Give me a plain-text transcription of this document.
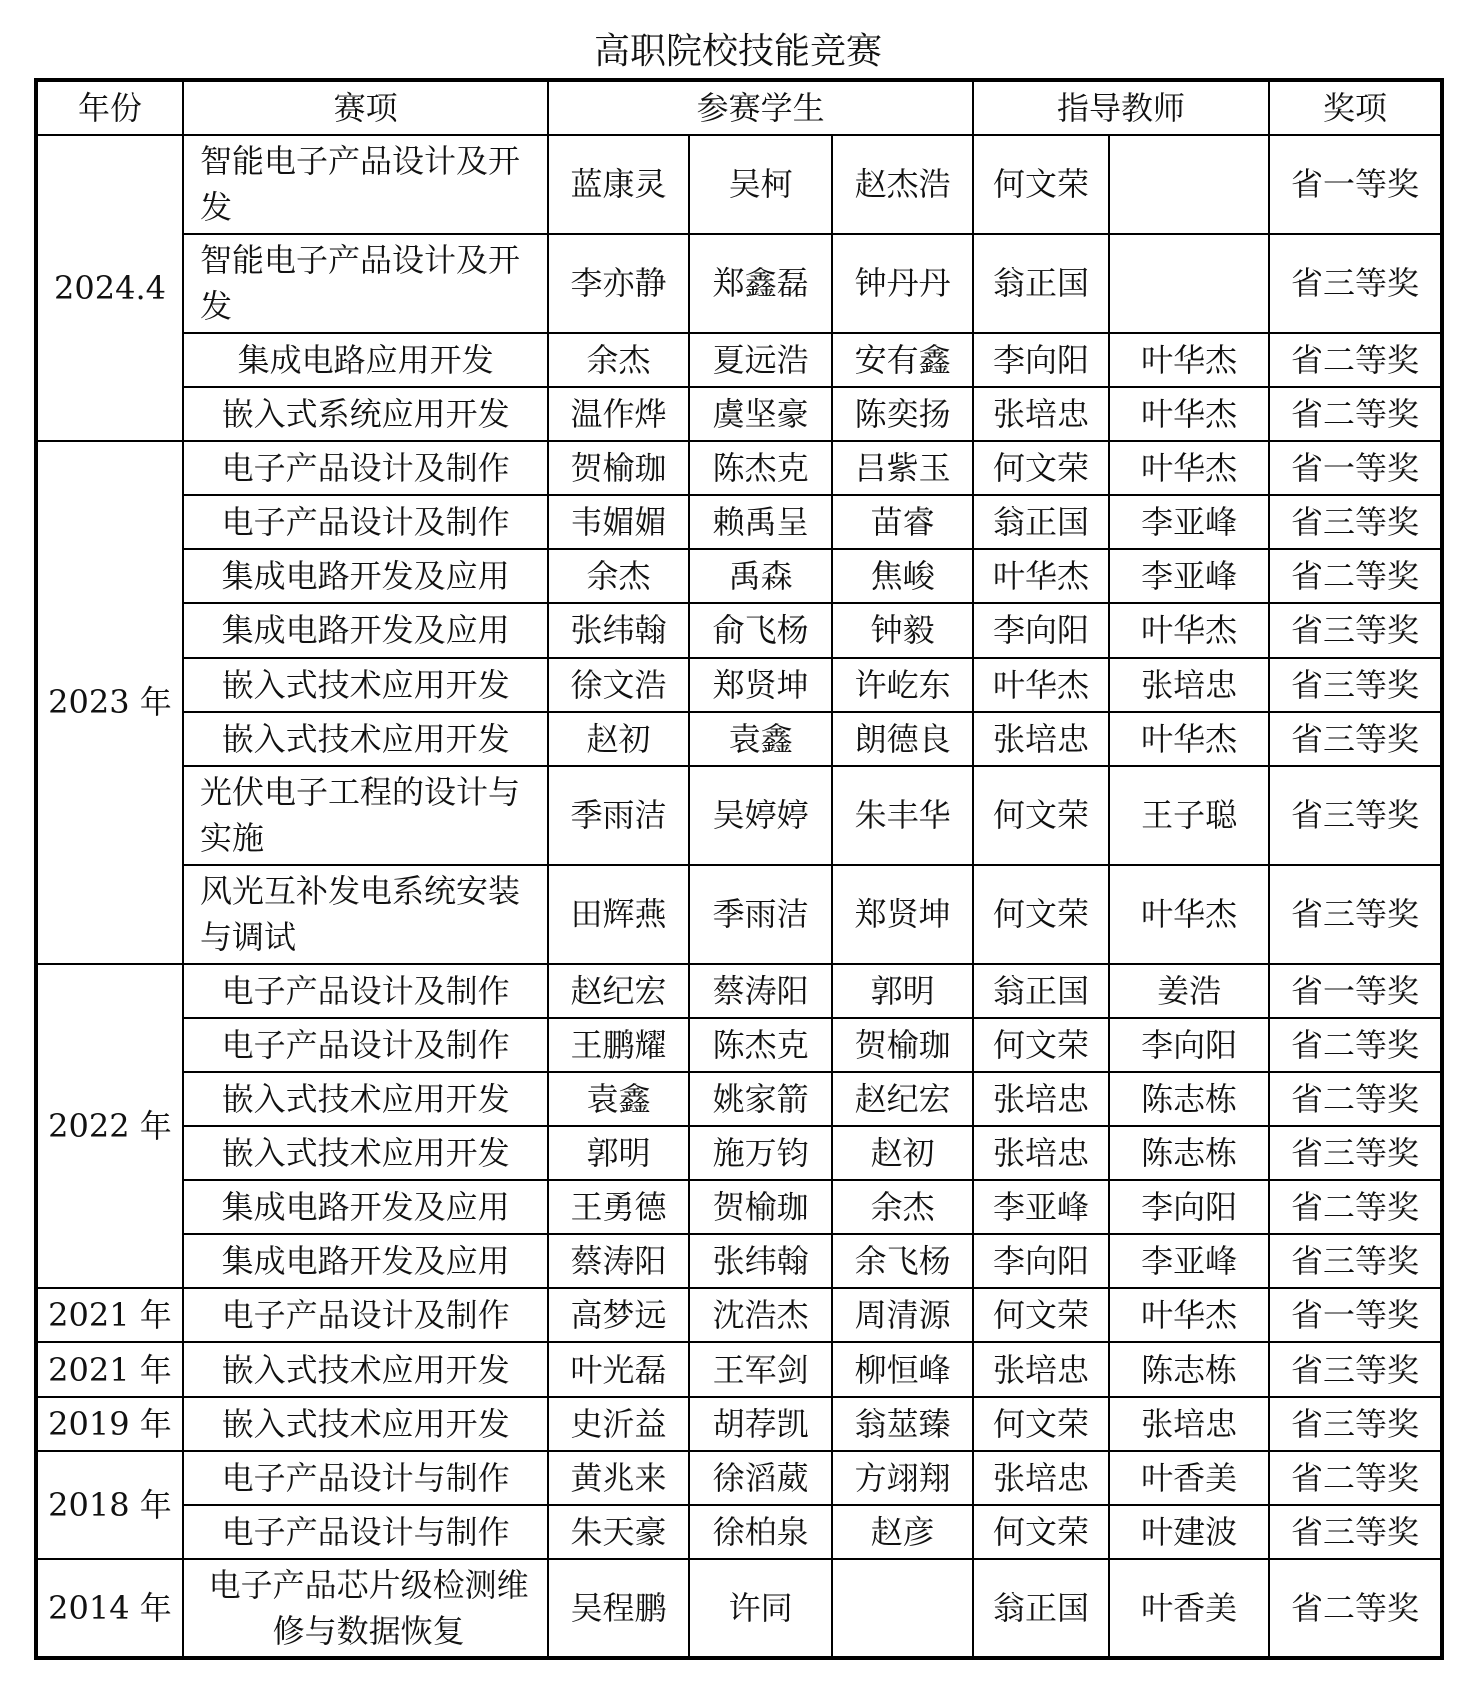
高职院校技能竞赛
年份	赛项	参赛学生			指导教师		奖项
2024.4	智能电子产品设计及开发	蓝康灵	吴柯	赵杰浩	何文荣		省一等奖
	智能电子产品设计及开发	李亦静	郑鑫磊	钟丹丹	翁正国		省三等奖
	集成电路应用开发	余杰	夏远浩	安有鑫	李向阳	叶华杰	省二等奖
	嵌入式系统应用开发	温作烨	虞坚豪	陈奕扬	张培忠	叶华杰	省二等奖
2023 年	电子产品设计及制作	贺榆珈	陈杰克	吕紫玉	何文荣	叶华杰	省一等奖
	电子产品设计及制作	韦媚媚	赖禹呈	苗睿	翁正国	李亚峰	省三等奖
	集成电路开发及应用	余杰	禹森	焦峻	叶华杰	李亚峰	省二等奖
	集成电路开发及应用	张纬翰	俞飞杨	钟毅	李向阳	叶华杰	省三等奖
	嵌入式技术应用开发	徐文浩	郑贤坤	许屹东	叶华杰	张培忠	省三等奖
	嵌入式技术应用开发	赵初	袁鑫	朗德良	张培忠	叶华杰	省三等奖
	光伏电子工程的设计与实施	季雨洁	吴婷婷	朱丰华	何文荣	王子聪	省三等奖
	风光互补发电系统安装与调试	田辉燕	季雨洁	郑贤坤	何文荣	叶华杰	省三等奖
2022 年	电子产品设计及制作	赵纪宏	蔡涛阳	郭明	翁正国	姜浩	省一等奖
	电子产品设计及制作	王鹏耀	陈杰克	贺榆珈	何文荣	李向阳	省二等奖
	嵌入式技术应用开发	袁鑫	姚家箭	赵纪宏	张培忠	陈志栋	省二等奖
	嵌入式技术应用开发	郭明	施万钧	赵初	张培忠	陈志栋	省三等奖
	集成电路开发及应用	王勇德	贺榆珈	余杰	李亚峰	李向阳	省二等奖
	集成电路开发及应用	蔡涛阳	张纬翰	余飞杨	李向阳	李亚峰	省三等奖
2021 年	电子产品设计及制作	高梦远	沈浩杰	周清源	何文荣	叶华杰	省一等奖
2021 年	嵌入式技术应用开发	叶光磊	王军剑	柳恒峰	张培忠	陈志栋	省三等奖
2019 年	嵌入式技术应用开发	史沂益	胡荐凯	翁莁臻	何文荣	张培忠	省三等奖
2018 年	电子产品设计与制作	黄兆来	徐滔葳	方翊翔	张培忠	叶香美	省二等奖
	电子产品设计与制作	朱天豪	徐柏泉	赵彦	何文荣	叶建波	省三等奖
2014 年	电子产品芯片级检测维修与数据恢复	吴程鹏	许同		翁正国	叶香美	省二等奖
